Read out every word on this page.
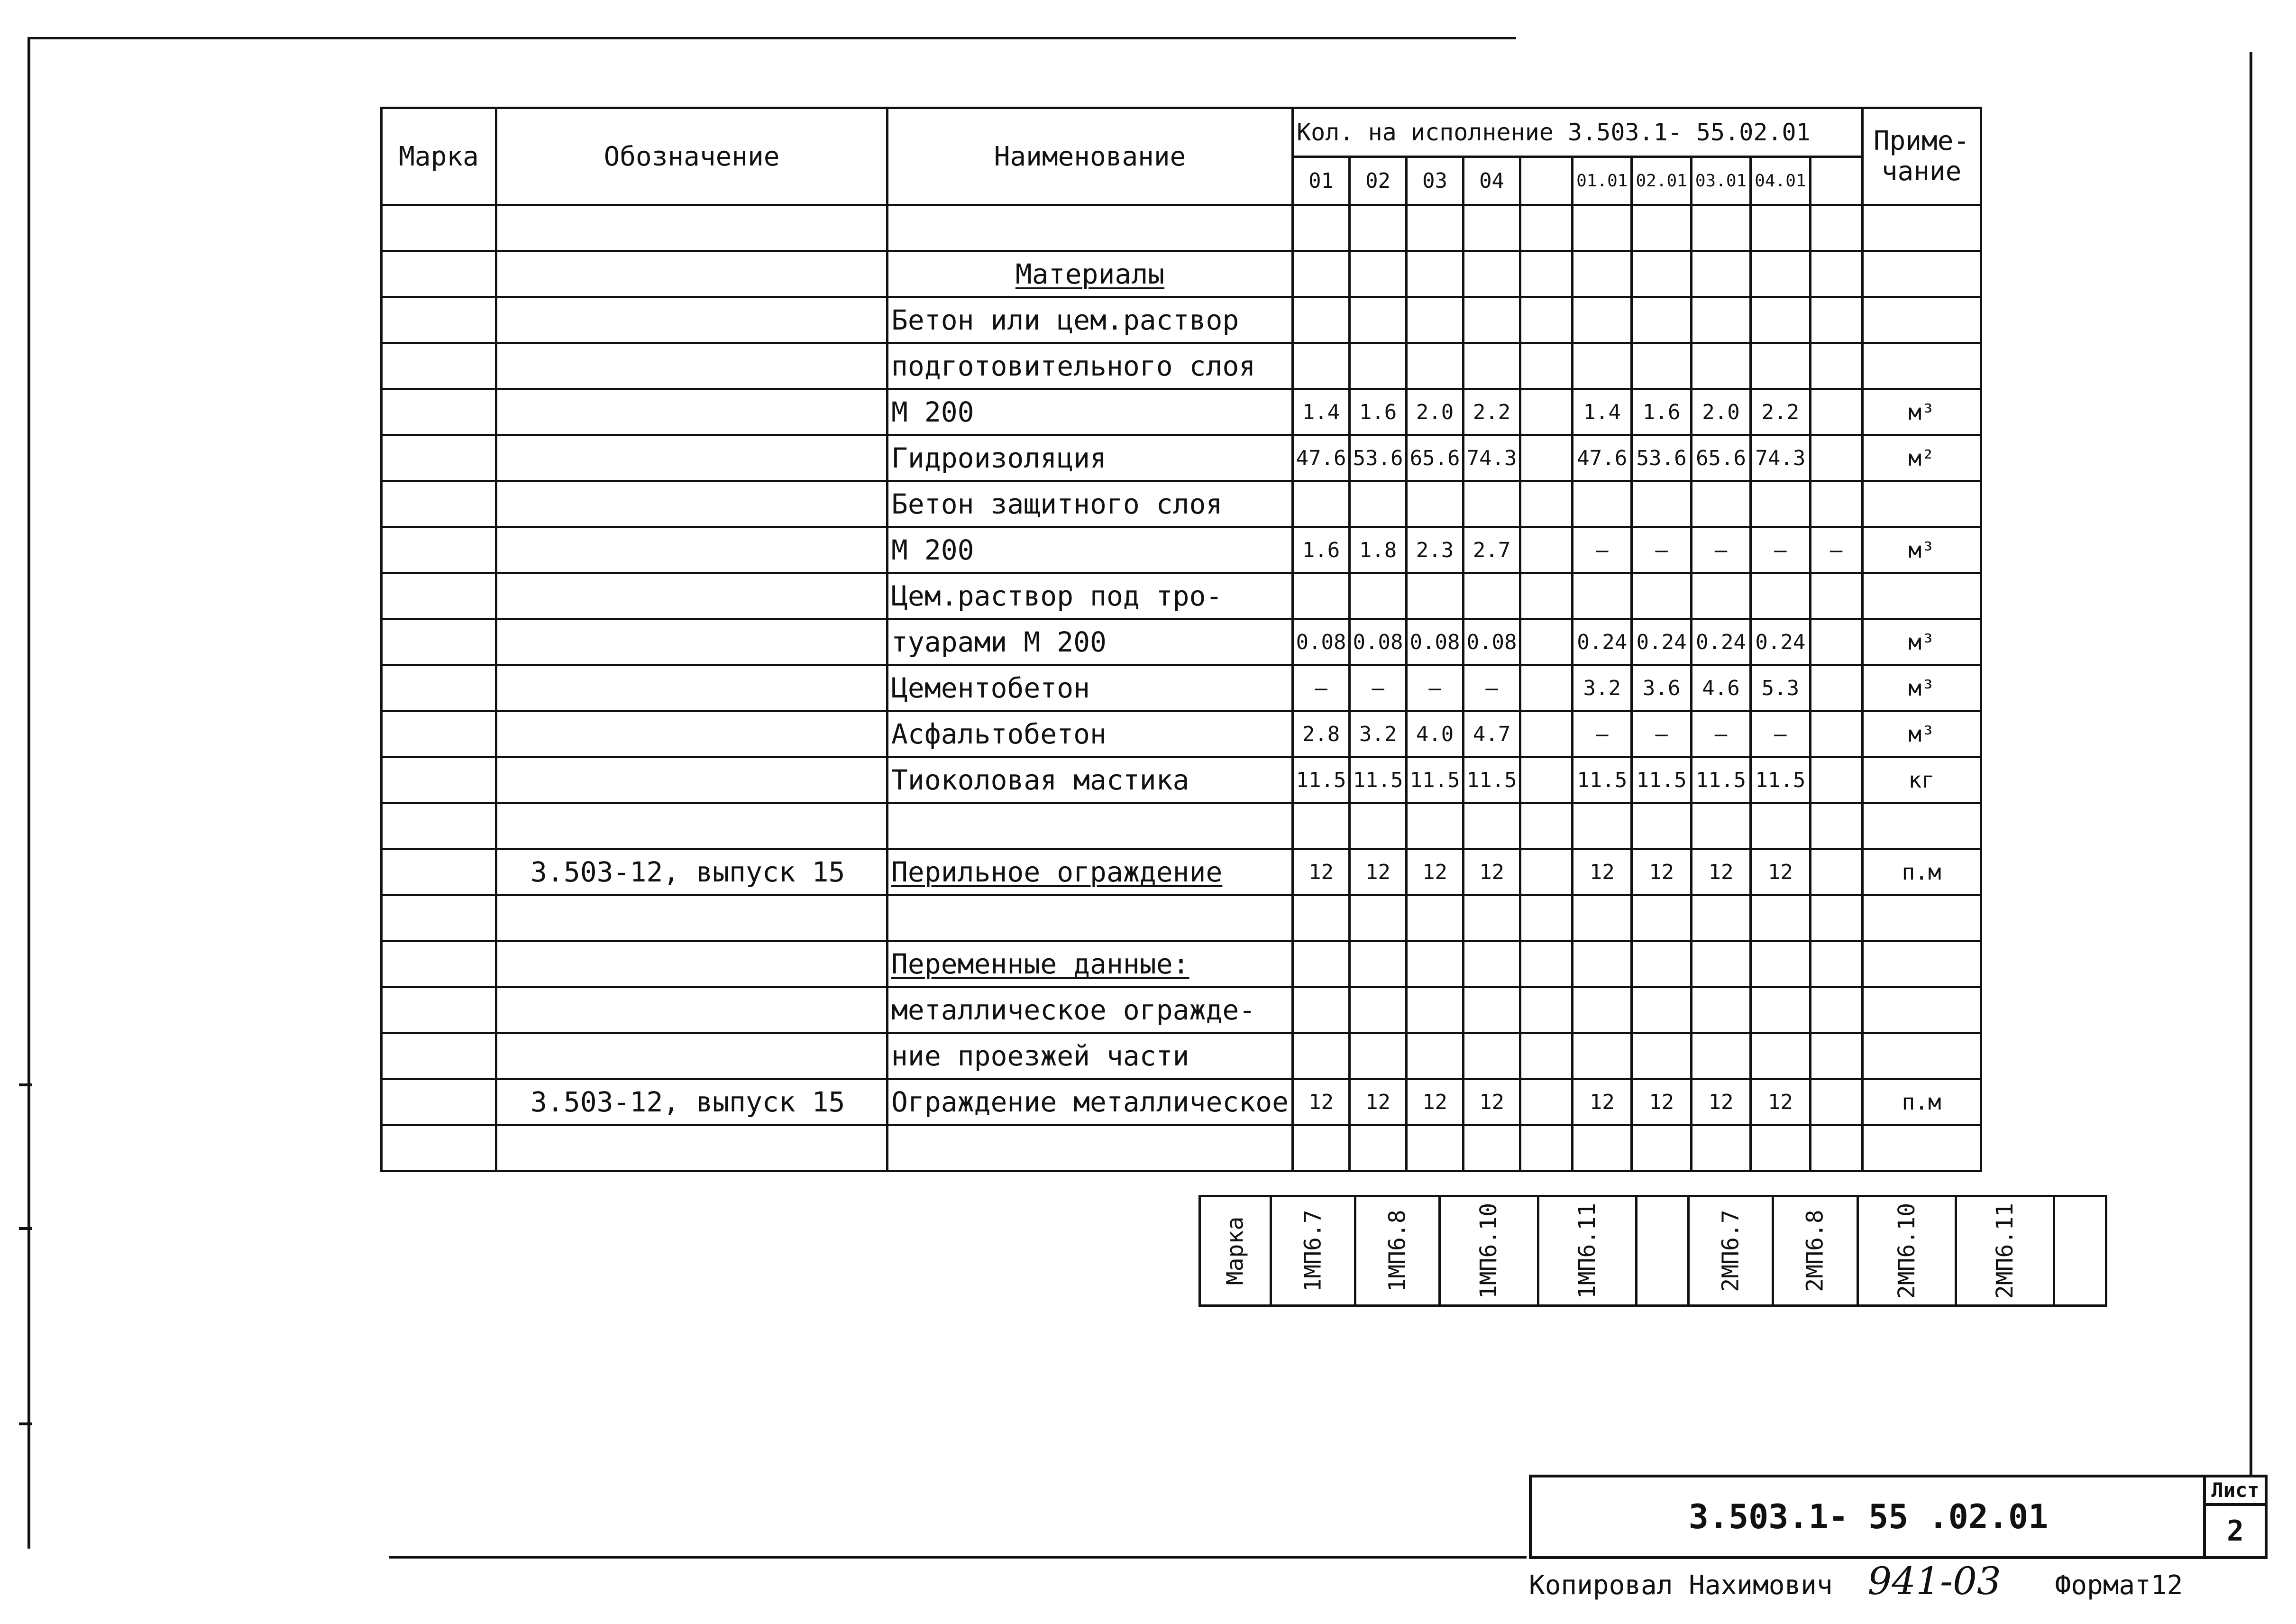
Марка	Обозначение	Наименование	Кол. на исполнение 3.503.1- 55.02.01										Приме-
чание
			01	02	03	04		01.01	02.01	03.01	04.01		

		Материалы											
		Бетон или цем.раствор											
		подготовительного слоя											
		М 200	1.4	1.6	2.0	2.2		1.4	1.6	2.0	2.2		м³
		Гидроизоляция	47.6	53.6	65.6	74.3		47.6	53.6	65.6	74.3		м²
		Бетон защитного слоя											
		М 200	1.6	1.8	2.3	2.7		—	—	—	—	—	м³
		Цем.раствор под тро-											
		туарами М 200	0.08	0.08	0.08	0.08		0.24	0.24	0.24	0.24		м³
		Цементобетон	—	—	—	—		3.2	3.6	4.6	5.3		м³
		Асфальтобетон	2.8	3.2	4.0	4.7		—	—	—	—		м³
		Тиоколовая мастика	11.5	11.5	11.5	11.5		11.5	11.5	11.5	11.5		кг

	3.503-12, выпуск 15	Перильное ограждение	12	12	12	12		12	12	12	12		п.м

		Переменные данные:											
		металлическое огражде-											
		ние проезжей части											
	3.503-12, выпуск 15	Ограждение металлическое	12	12	12	12		12	12	12	12		п.м

Марка	1МП6.7	1МП6.8	1МП6.10	1МП6.11		2МП6.7	2МП6.8	2МП6.10	2МП6.11	
3.503.1- 55 .02.01
Лист
2
Копировал Нахимович 941-03 Формат12
